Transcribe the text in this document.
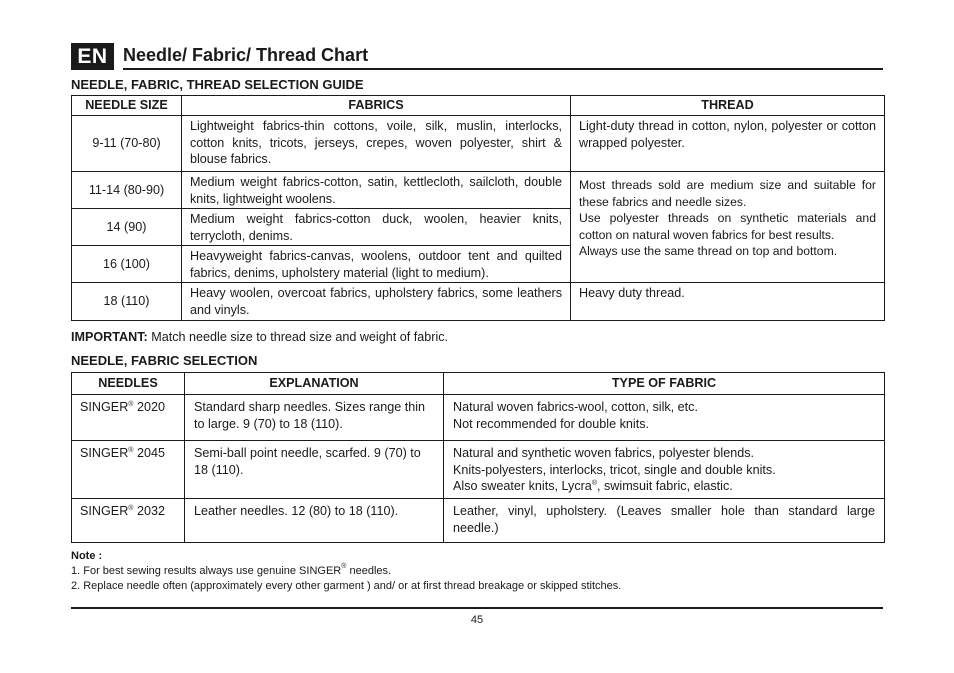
EN Needle/ Fabric/ Thread Chart
NEEDLE, FABRIC, THREAD SELECTION GUIDE
NEEDLE SIZE	FABRICS	THREAD
9-11 (70-80)	Lightweight fabrics-thin cottons, voile, silk, muslin, interlocks, cotton knits, tricots, jerseys, crepes, woven polyester, shirt & blouse fabrics.	Light-duty thread in cotton, nylon, polyester or cotton wrapped polyester.
11-14 (80-90)	Medium weight fabrics-cotton, satin, kettlecloth, sailcloth, double knits, lightweight woolens.	Most threads sold are medium size and suitable for these fabrics and needle sizes.
Use polyester threads on synthetic materials and cotton on natural woven fabrics for best results.
Always use the same thread on top and bottom.

14 (90)	Medium weight fabrics-cotton duck, woolen, heavier knits, terrycloth, denims.	
16 (100)	Heavyweight fabrics-canvas, woolens, outdoor tent and quilted fabrics, denims, upholstery material (light to medium).	
18 (110)	Heavy woolen, overcoat fabrics, upholstery fabrics, some leathers and vinyls.	Heavy duty thread.
IMPORTANT: Match needle size to thread size and weight of fabric.
NEEDLE, FABRIC SELECTION
NEEDLES	EXPLANATION	TYPE OF FABRIC
SINGER® 2020	Standard sharp needles. Sizes range thin to large. 9 (70) to 18 (110).	Natural woven fabrics-wool, cotton, silk, etc.
Not recommended for double knits.

SINGER® 2045	Semi-ball point needle, scarfed. 9 (70) to 18 (110).	Natural and synthetic woven fabrics, polyester blends.
Knits-polyesters, interlocks, tricot, single and double knits.
Also sweater knits, Lycra®, swimsuit fabric, elastic.

SINGER® 2032	Leather needles. 12 (80) to 18 (110).	Leather, vinyl, upholstery. (Leaves smaller hole than standard large needle.)
Note :
1. For best sewing results always use genuine SINGER® needles.
2. Replace needle often (approximately every other garment ) and/ or at first thread breakage or skipped stitches.
45
